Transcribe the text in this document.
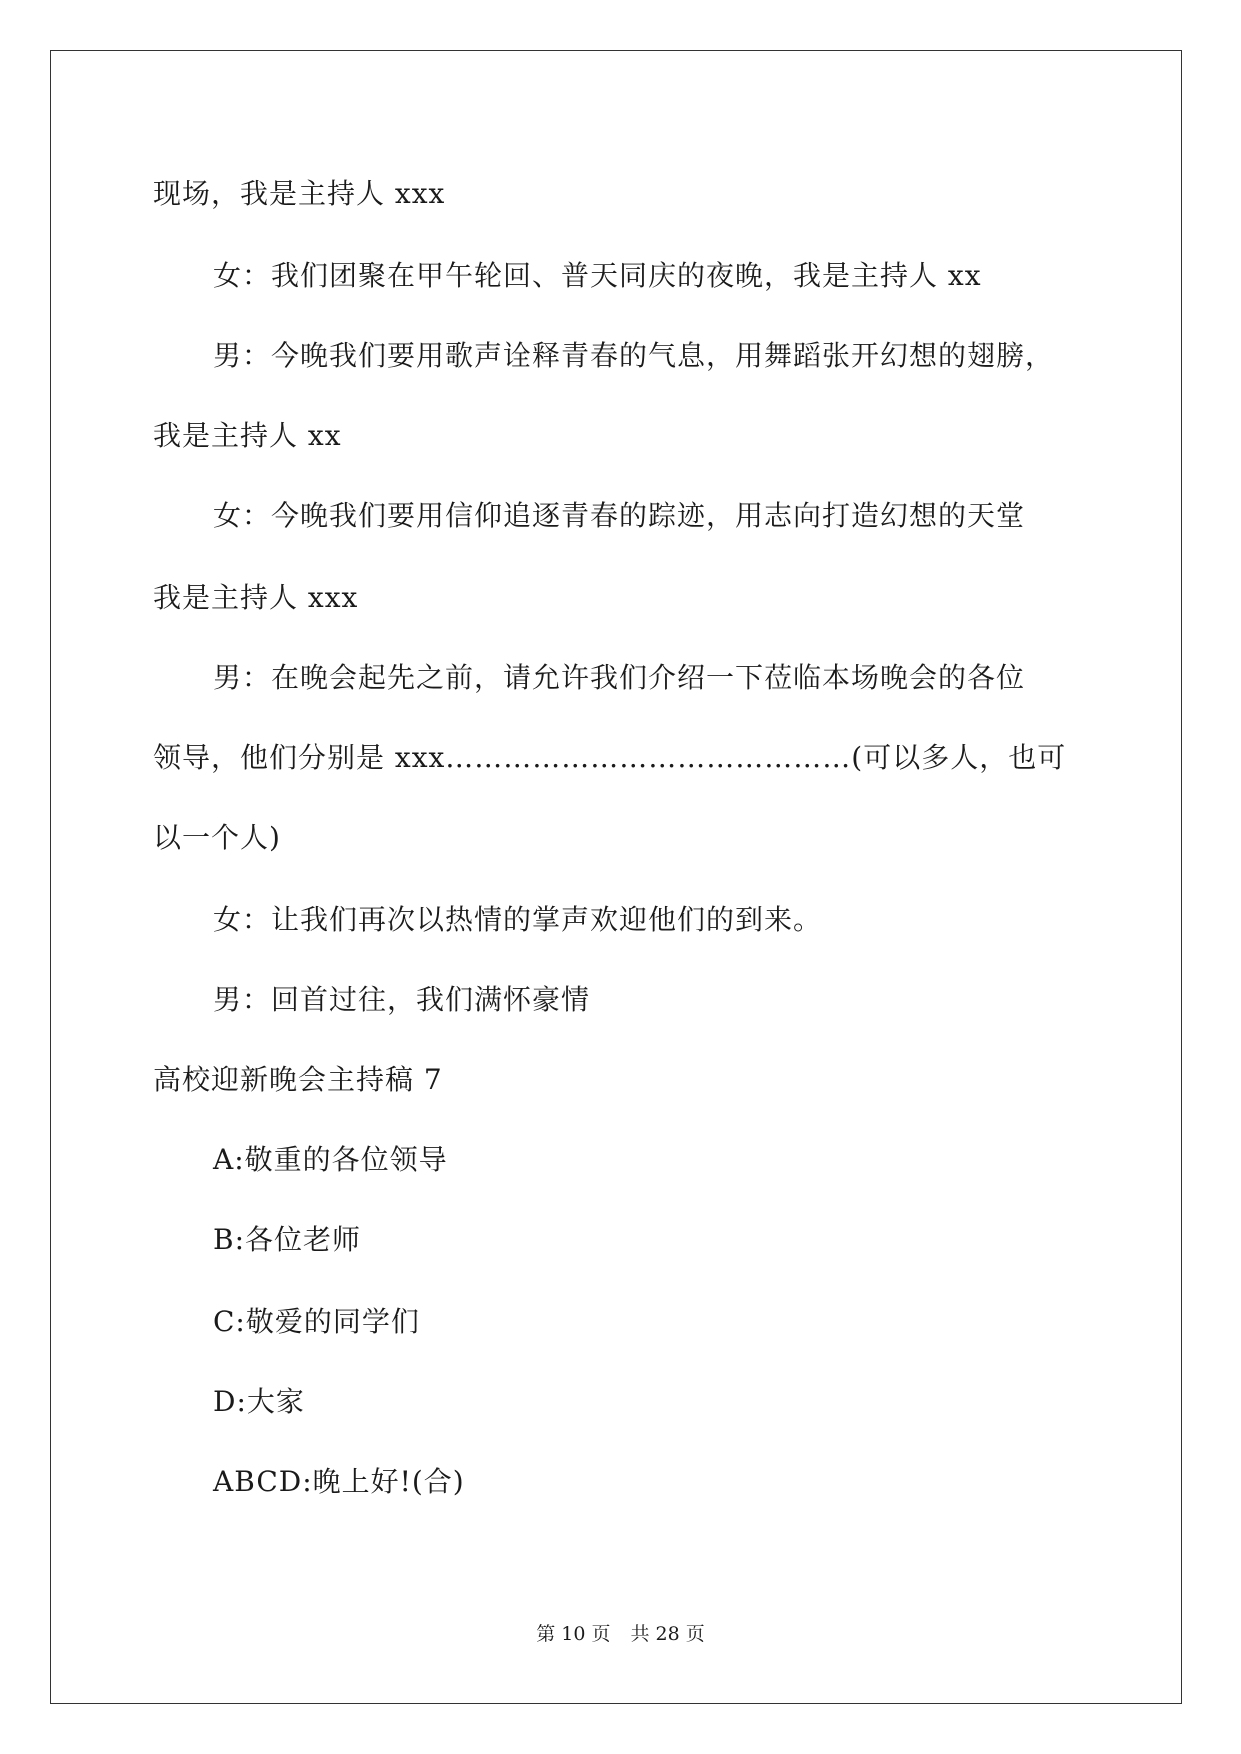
现场，我是主持人 xxx
女：我们团聚在甲午轮回、普天同庆的夜晚，我是主持人 xx
男：今晚我们要用歌声诠释青春的气息，用舞蹈张开幻想的翅膀，
我是主持人 xx
女：今晚我们要用信仰追逐青春的踪迹，用志向打造幻想的天堂
我是主持人 xxx
男：在晚会起先之前，请允许我们介绍一下莅临本场晚会的各位
领导，他们分别是 xxx……………………………………(可以多人，也可
以一个人)
女：让我们再次以热情的掌声欢迎他们的到来。
男：回首过往，我们满怀豪情
高校迎新晚会主持稿 7
A:敬重的各位领导
B:各位老师
C:敬爱的同学们
D:大家
ABCD:晚上好!(合)
第 10 页 共 28 页
